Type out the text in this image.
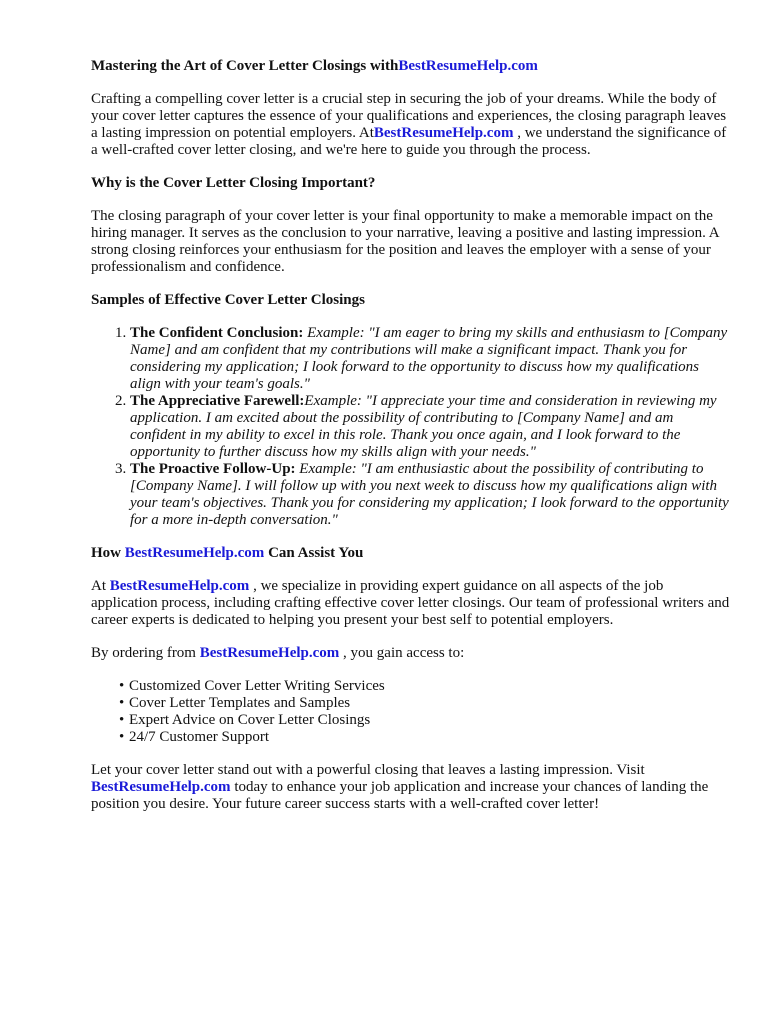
Mastering the Art of Cover Letter Closings withBestResumeHelp.com

Crafting a compelling cover letter is a crucial step in securing the job of your dreams. While the body of your cover letter captures the essence of your qualifications and experiences, the closing paragraph leaves a lasting impression on potential employers. AtBestResumeHelp.com , we understand the significance of a well-crafted cover letter closing, and we're here to guide you through the process.

Why is the Cover Letter Closing Important?

The closing paragraph of your cover letter is your final opportunity to make a memorable impact on the hiring manager. It serves as the conclusion to your narrative, leaving a positive and lasting impression. A strong closing reinforces your enthusiasm for the position and leaves the employer with a sense of your professionalism and confidence.

Samples of Effective Cover Letter Closings
1. The Confident Conclusion: Example: "I am eager to bring my skills and enthusiasm to [Company Name] and am confident that my contributions will make a significant impact. Thank you for considering my application; I look forward to the opportunity to discuss how my qualifications align with your team's goals."
2. The Appreciative Farewell:Example: "I appreciate your time and consideration in reviewing my application. I am excited about the possibility of contributing to [Company Name] and am confident in my ability to excel in this role. Thank you once again, and I look forward to the opportunity to further discuss how my skills align with your needs."
3. The Proactive Follow-Up: Example: "I am enthusiastic about the possibility of contributing to [Company Name]. I will follow up with you next week to discuss how my qualifications align with your team's objectives. Thank you for considering my application; I look forward to the opportunity for a more in-depth conversation."
How BestResumeHelp.com Can Assist You

At BestResumeHelp.com , we specialize in providing expert guidance on all aspects of the job application process, including crafting effective cover letter closings. Our team of professional writers and career experts is dedicated to helping you present your best self to potential employers.

By ordering from BestResumeHelp.com , you gain access to:

• Customized Cover Letter Writing Services
• Cover Letter Templates and Samples
• Expert Advice on Cover Letter Closings
• 24/7 Customer Support

Let your cover letter stand out with a powerful closing that leaves a lasting impression. Visit BestResumeHelp.com today to enhance your job application and increase your chances of landing the position you desire. Your future career success starts with a well-crafted cover letter!
